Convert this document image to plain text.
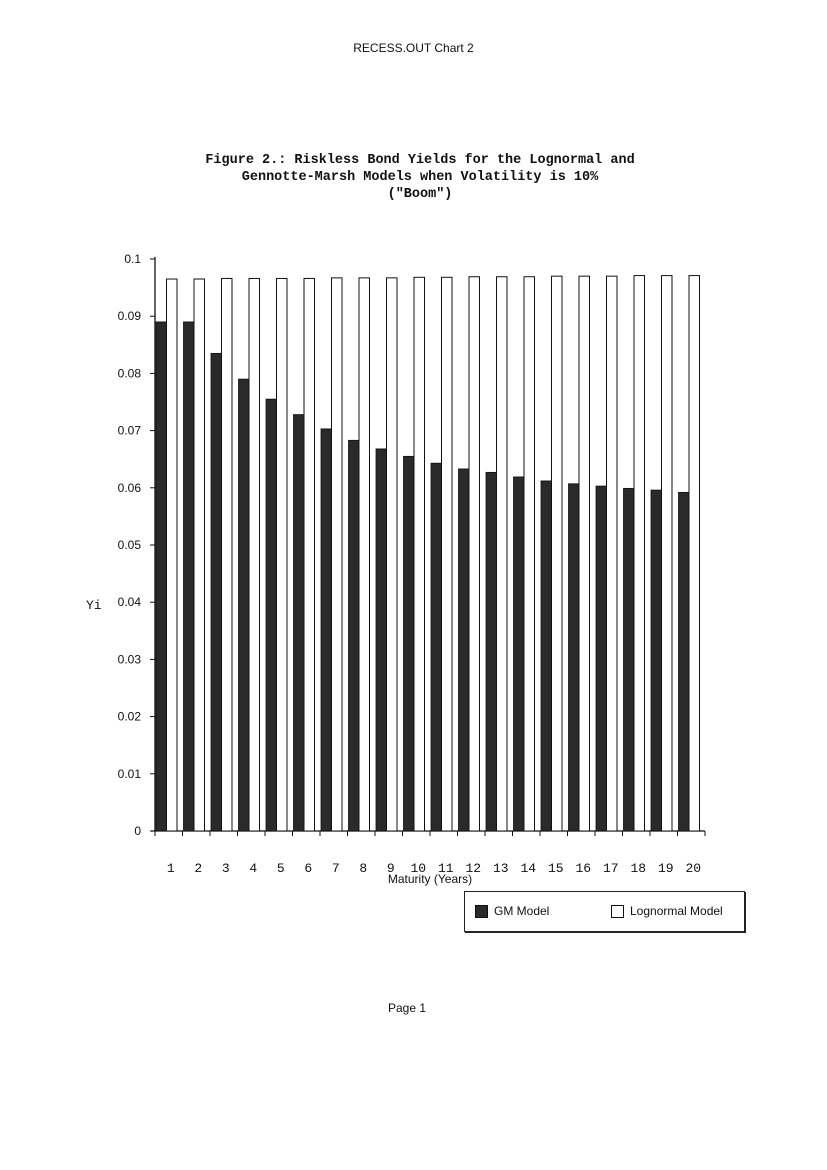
RECESS.OUT Chart 2
Figure 2.: Riskless Bond Yields for the Lognormal and
Gennotte-Marsh Models when Volatility is 10%
("Boom")
0
0.01
0.02
0.03
0.04
0.05
0.06
0.07
0.08
0.09
0.1
Yi
1 2 3 4 5 6 7 8 9 10 11 12 13 14 15 16 17 18 19 20
Maturity (Years)
GM Model	Lognormal Model
Page 1
